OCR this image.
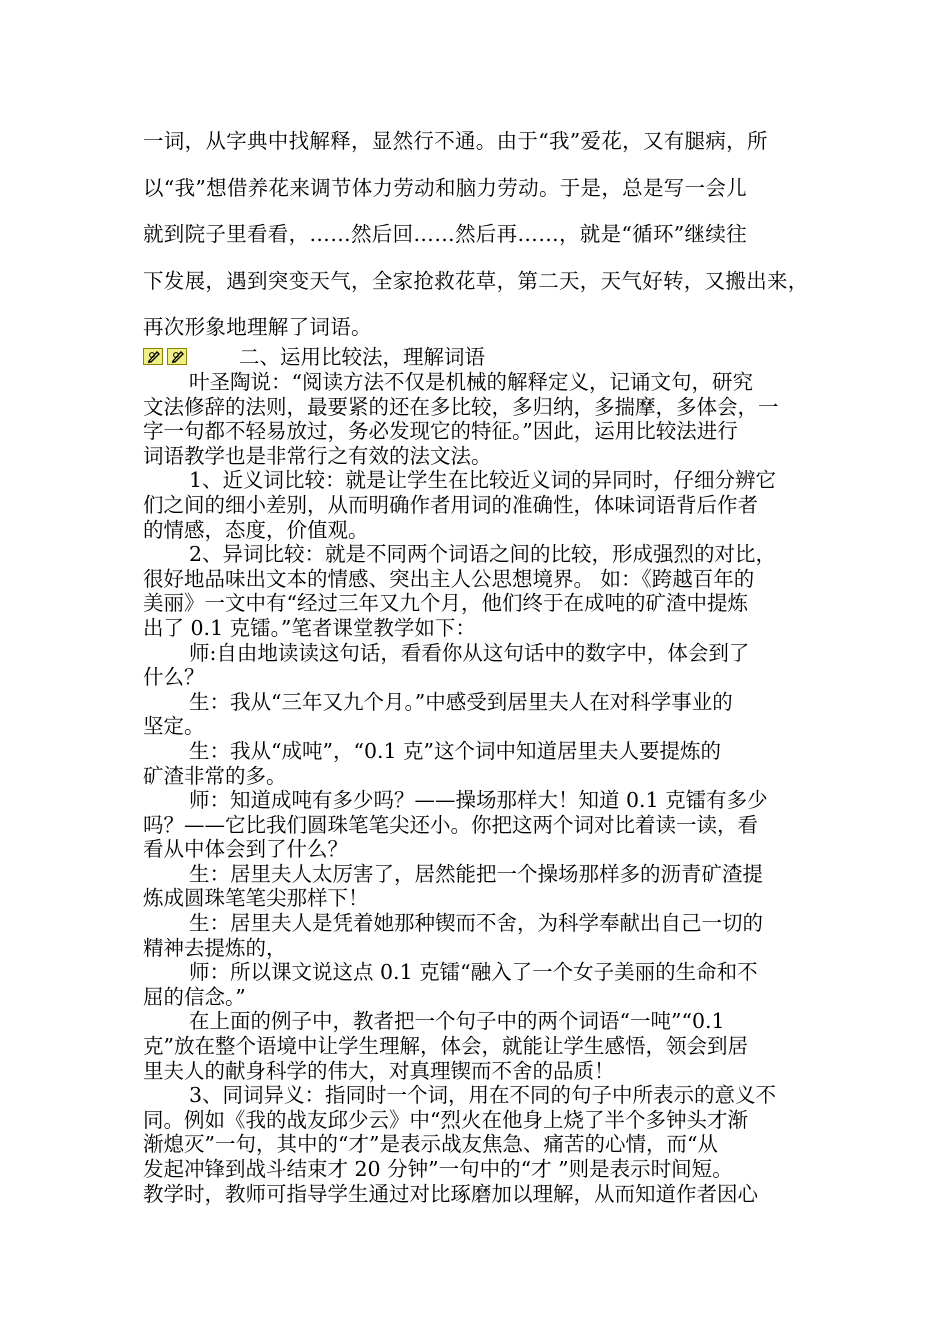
一词，从字典中找解释，显然行不通。由于“我”爱花，又有腿病，所

以“我”想借养花来调节体力劳动和脑力劳动。于是，总是写一会儿

就到院子里看看，……然后回……然后再……，就是“循环”继续往

下发展，遇到突变天气，全家抢救花草，第二天，天气好转，又搬出来，

再次形象地理解了词语。

二、运用比较法，理解词语

叶圣陶说：“阅读方法不仅是机械的解释定义，记诵文句，研究

文法修辞的法则，最要紧的还在多比较，多归纳，多揣摩，多体会，一

字一句都不轻易放过，务必发现它的特征。”因此，运用比较法进行

词语教学也是非常行之有效的法文法。

1、近义词比较：就是让学生在比较近义词的异同时，仔细分辨它

们之间的细小差别，从而明确作者用词的准确性，体味词语背后作者

的情感，态度，价值观。

2、异词比较：就是不同两个词语之间的比较，形成强烈的对比，

很好地品味出文本的情感、突出主人公思想境界。 如：《跨越百年的

美丽》一文中有“经过三年又九个月，他们终于在成吨的矿渣中提炼

出了 0.1 克镭。”笔者课堂教学如下：

师:自由地读读这句话，看看你从这句话中的数字中，体会到了

什么？

生：我从“三年又九个月。”中感受到居里夫人在对科学事业的

坚定。

生：我从“成吨”，“0.1 克”这个词中知道居里夫人要提炼的

矿渣非常的多。

师：知道成吨有多少吗？——操场那样大！知道 0.1 克镭有多少

吗？——它比我们圆珠笔笔尖还小。你把这两个词对比着读一读，看

看从中体会到了什么？

生：居里夫人太厉害了，居然能把一个操场那样多的沥青矿渣提

炼成圆珠笔笔尖那样下！

生：居里夫人是凭着她那种锲而不舍，为科学奉献出自己一切的

精神去提炼的，

师：所以课文说这点 0.1 克镭“融入了一个女子美丽的生命和不

屈的信念。”

在上面的例子中，教者把一个句子中的两个词语“一吨”“0.1

克”放在整个语境中让学生理解，体会，就能让学生感悟，领会到居

里夫人的献身科学的伟大，对真理锲而不舍的品质！

3、同词异义：指同时一个词，用在不同的句子中所表示的意义不

同。例如《我的战友邱少云》中“烈火在他身上烧了半个多钟头才渐

渐熄灭”一句，其中的“才”是表示战友焦急、痛苦的心情，而“从

发起冲锋到战斗结束才 20 分钟”一句中的“才 ”则是表示时间短。

教学时，教师可指导学生通过对比琢磨加以理解，从而知道作者因心
